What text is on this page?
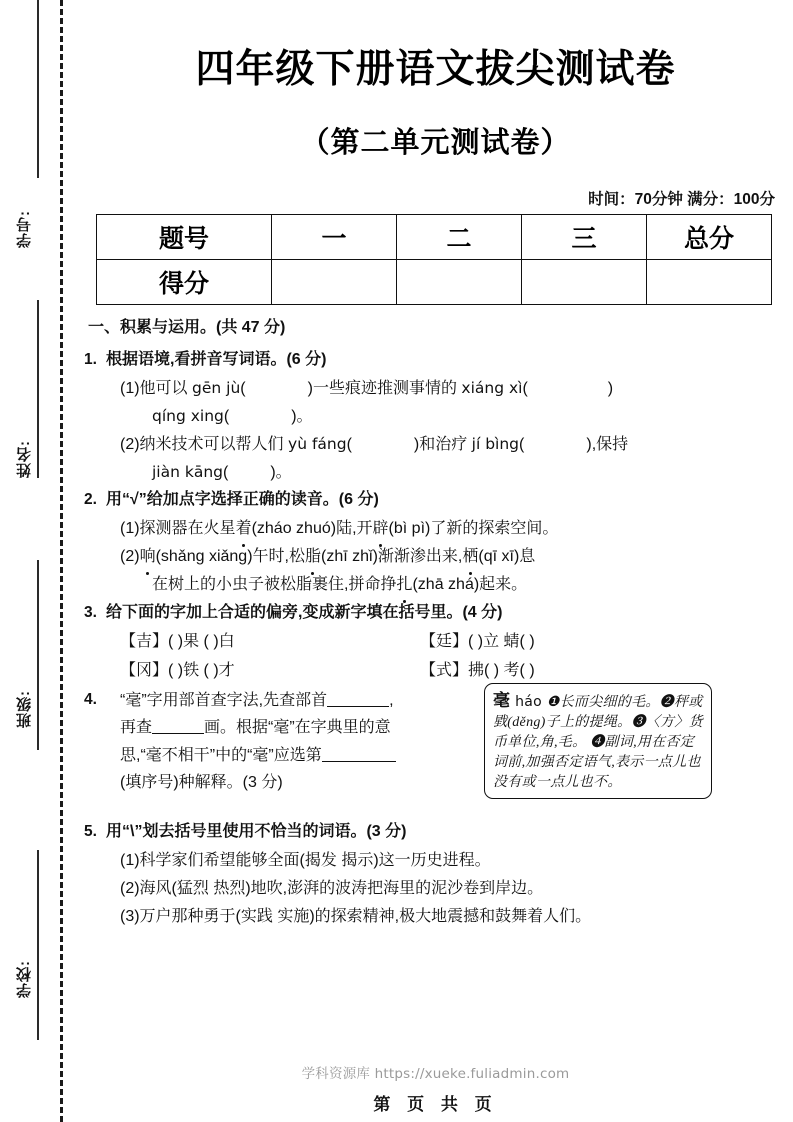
学号:
姓名:
班级:
学校:
四年级下册语文拔尖测试卷
（第二单元测试卷）
时间：70分钟 满分：100分
题号	一	二	三	总分
得分				
一、积累与运用。(共 47 分)
1. 根据语境,看拼音写词语。(6 分)
(1)他可以 gēn jù(	)一些痕迹推测事情的 xiáng xì(	)
qíng xing(	)。
(2)纳米技术可以帮人们 yù fáng(	)和治疗 jí bìng(	),保持
jiàn kāng(	)。
2. 用“√”给加点字选择正确的读音。(6 分)
(1)探测器在火星着(zháo zhuó)陆,开辟(bì pì)了新的探索空间。
(2)响(shǎng xiǎng)午时,松脂(zhī zhǐ)渐渐渗出来,栖(qī xī)息
在树上的小虫子被松脂裹住,拼命挣扎(zhā zhá)起来。
3. 给下面的字加上合适的偏旁,变成新字填在括号里。(4 分)
【吉】( )果 ( )白	【廷】( )立 蜻( )
【冈】( )铁 ( )才	【式】拂( ) 考( )
4. “毫”字用部首查字法,先查部首	,
再查	画。根据“毫”在字典里的意
思,“毫不相干”中的“毫”应选第
(填序号)种解释。(3 分)
毫 háo ❶长而尖细的毛。❷秤或戥(děng)子上的提绳。❸〈方〉货币单位,角,毛。 ❹副词,用在否定词前,加强否定语气,表示一点儿也没有或一点儿也不。
5. 用“\”划去括号里使用不恰当的词语。(3 分)
(1)科学家们希望能够全面(揭发 揭示)这一历史进程。
(2)海风(猛烈 热烈)地吹,澎湃的波涛把海里的泥沙卷到岸边。
(3)万户那种勇于(实践 实施)的探索精神,极大地震撼和鼓舞着人们。
学科资源库 https://xueke.fuliadmin.com
第 页 共 页
